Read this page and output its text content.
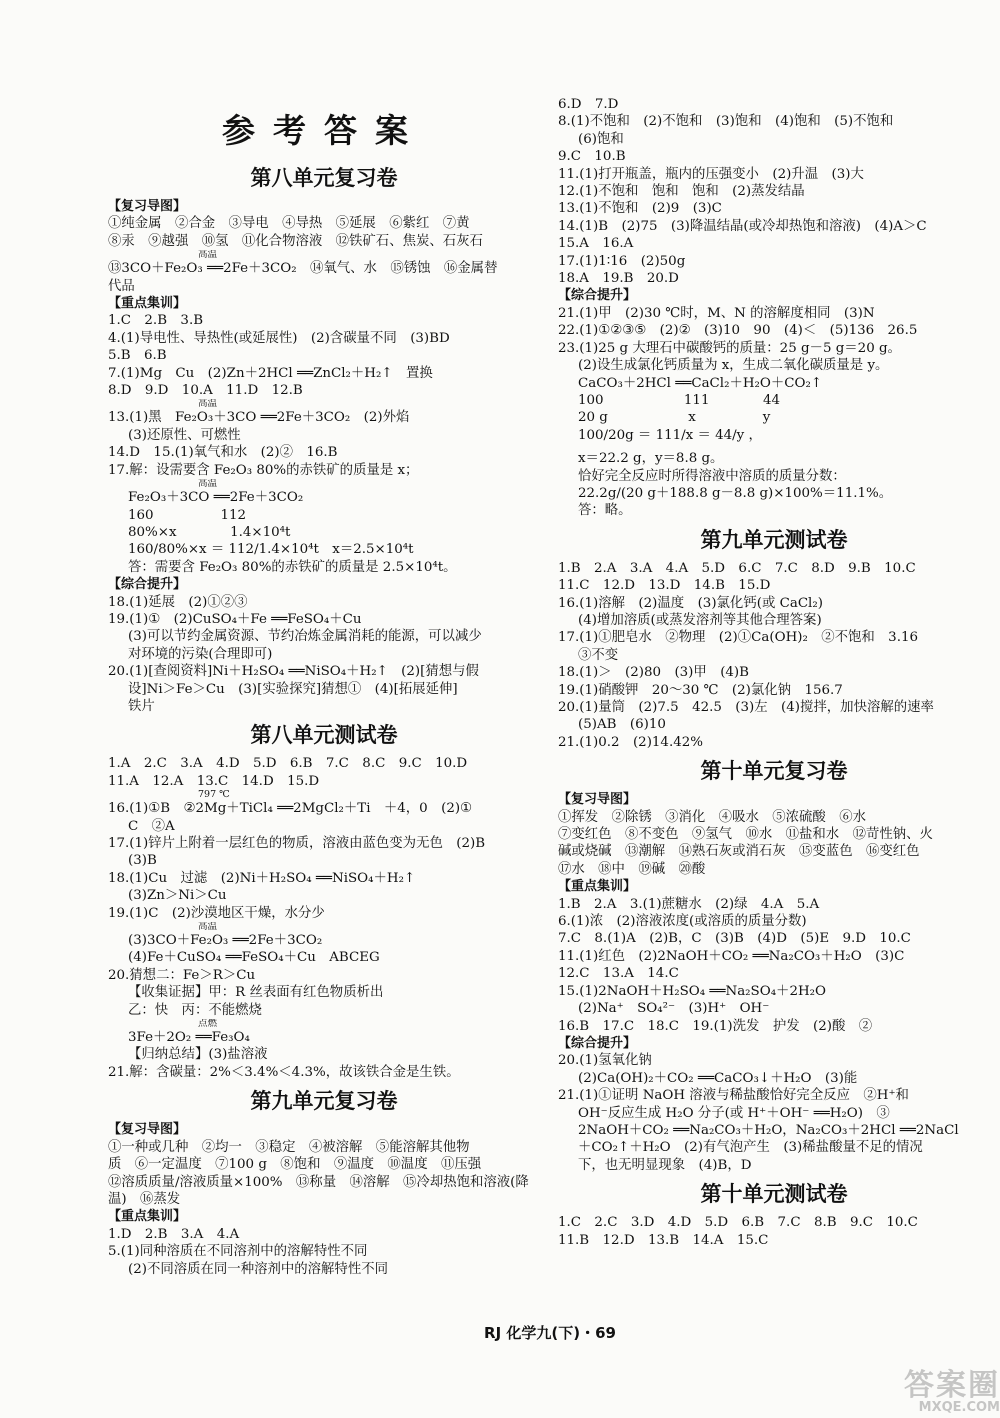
参考答案
第八单元复习卷
【复习导图】
①纯金属　②合金　③导电　④导热　⑤延展　⑥紫红　⑦黄
⑧汞　⑨越强　⑩氢　⑪化合物溶液　⑫铁矿石、焦炭、石灰石
高温
⑬3CO＋Fe₂O₃ ══2Fe＋3CO₂　⑭氧气、水　⑮锈蚀　⑯金属替
代品
【重点集训】
1.C　2.B　3.B
4.(1)导电性、导热性(或延展性)　(2)含碳量不同　(3)BD
5.B　6.B
7.(1)Mg　Cu　(2)Zn＋2HCl ══ZnCl₂＋H₂↑　置换
8.D　9.D　10.A　11.D　12.B
高温
13.(1)黑　Fe₂O₃＋3CO ══2Fe＋3CO₂　(2)外焰
(3)还原性、可燃性
14.D　15.(1)氧气和水　(2)②　16.B
17.解：设需要含 Fe₂O₃ 80%的赤铁矿的质量是 x；
高温
Fe₂O₃＋3CO ══2Fe＋3CO₂
160　　　　　112
80%×x　　　　1.4×10⁴t
160/80%×x ＝ 112/1.4×10⁴t　x＝2.5×10⁴t
答：需要含 Fe₂O₃ 80%的赤铁矿的质量是 2.5×10⁴t。
【综合提升】
18.(1)延展　(2)①②③
19.(1)①　(2)CuSO₄＋Fe ══FeSO₄＋Cu
(3)可以节约金属资源、节约冶炼金属消耗的能源，可以减少
对环境的污染(合理即可)
20.(1)[查阅资料]Ni＋H₂SO₄ ══NiSO₄＋H₂↑　(2)[猜想与假
设]Ni＞Fe＞Cu　(3)[实验探究]猜想①　(4)[拓展延伸]
铁片
第八单元测试卷
1.A　2.C　3.A　4.D　5.D　6.B　7.C　8.C　9.C　10.D
11.A　12.A　13.C　14.D　15.D
797 ℃
16.(1)①B　②2Mg＋TiCl₄ ══2MgCl₂＋Ti　＋4，0　(2)①
C　②A
17.(1)锌片上附着一层红色的物质，溶液由蓝色变为无色　(2)B
(3)B
18.(1)Cu　过滤　(2)Ni＋H₂SO₄ ══NiSO₄＋H₂↑
(3)Zn＞Ni＞Cu
19.(1)C　(2)沙漠地区干燥，水分少
高温
(3)3CO＋Fe₂O₃ ══2Fe＋3CO₂
(4)Fe＋CuSO₄ ══FeSO₄＋Cu　ABCEG
20.猜想二：Fe＞R＞Cu
【收集证据】甲：R 丝表面有红色物质析出
乙：快　丙：不能燃烧
点燃
3Fe＋2O₂ ══Fe₃O₄
【归纳总结】(3)盐溶液
21.解：含碳量：2%＜3.4%＜4.3%，故该铁合金是生铁。
第九单元复习卷
【复习导图】
①一种或几种　②均一　③稳定　④被溶解　⑤能溶解其他物
质　⑥一定温度　⑦100 g　⑧饱和　⑨温度　⑩温度　⑪压强
⑫溶质质量/溶液质量×100%　⑬称量　⑭溶解　⑮冷却热饱和溶液(降
温)　⑯蒸发
【重点集训】
1.D　2.B　3.A　4.A
5.(1)同种溶质在不同溶剂中的溶解特性不同
(2)不同溶质在同一种溶剂中的溶解特性不同
6.D　7.D
8.(1)不饱和　(2)不饱和　(3)饱和　(4)饱和　(5)不饱和
(6)饱和
9.C　10.B
11.(1)打开瓶盖，瓶内的压强变小　(2)升温　(3)大
12.(1)不饱和　饱和　饱和　(2)蒸发结晶
13.(1)不饱和　(2)9　(3)C
14.(1)B　(2)75　(3)降温结晶(或冷却热饱和溶液)　(4)A＞C
15.A　16.A
17.(1)1∶16　(2)50g
18.A　19.B　20.D
【综合提升】
21.(1)甲　(2)30 ℃时，M、N 的溶解度相同　(3)N
22.(1)①②③⑤　(2)②　(3)10　90　(4)＜　(5)136　26.5
23.(1)25 g 大理石中碳酸钙的质量：25 g－5 g＝20 g。
(2)设生成氯化钙质量为 x，生成二氧化碳质量是 y。
CaCO₃＋2HCl ══CaCl₂＋H₂O＋CO₂↑
100　　　　　　111　　　　44
20 g　　　　　　x　　　　　y
100/20g ＝ 111/x ＝ 44/y ，
x＝22.2 g，y＝8.8 g。
恰好完全反应时所得溶液中溶质的质量分数：
22.2g/(20 g＋188.8 g－8.8 g)×100%＝11.1%。
答：略。
第九单元测试卷
1.B　2.A　3.A　4.A　5.D　6.C　7.C　8.D　9.B　10.C
11.C　12.D　13.D　14.B　15.D
16.(1)溶解　(2)温度　(3)氯化钙(或 CaCl₂)
(4)增加溶质(或蒸发溶剂等其他合理答案)
17.(1)①肥皂水　②物理　(2)①Ca(OH)₂　②不饱和　3.16
③不变
18.(1)＞　(2)80　(3)甲　(4)B
19.(1)硝酸钾　20～30 ℃　(2)氯化钠　156.7
20.(1)量筒　(2)7.5　42.5　(3)左　(4)搅拌，加快溶解的速率
(5)AB　(6)10
21.(1)0.2　(2)14.42%
第十单元复习卷
【复习导图】
①挥发　②除锈　③消化　④吸水　⑤浓硫酸　⑥水
⑦变红色　⑧不变色　⑨氢气　⑩水　⑪盐和水　⑫苛性钠、火
碱或烧碱　⑬潮解　⑭熟石灰或消石灰　⑮变蓝色　⑯变红色
⑰水　⑱中　⑲碱　⑳酸
【重点集训】
1.B　2.A　3.(1)蔗糖水　(2)绿　4.A　5.A
6.(1)浓　(2)溶液浓度(或溶质的质量分数)
7.C　8.(1)A　(2)B，C　(3)B　(4)D　(5)E　9.D　10.C
11.(1)红色　(2)2NaOH＋CO₂ ══Na₂CO₃＋H₂O　(3)C
12.C　13.A　14.C
15.(1)2NaOH＋H₂SO₄ ══Na₂SO₄＋2H₂O
(2)Na⁺　SO₄²⁻　(3)H⁺　OH⁻
16.B　17.C　18.C　19.(1)洗发　护发　(2)酸　②
【综合提升】
20.(1)氢氧化钠
(2)Ca(OH)₂＋CO₂ ══CaCO₃↓＋H₂O　(3)能
21.(1)①证明 NaOH 溶液与稀盐酸恰好完全反应　②H⁺和
OH⁻反应生成 H₂O 分子(或 H⁺＋OH⁻ ══H₂O)　③
2NaOH＋CO₂ ══Na₂CO₃＋H₂O，Na₂CO₃＋2HCl ══2NaCl
＋CO₂↑＋H₂O　(2)有气泡产生　(3)稀盐酸量不足的情况
下，也无明显现象　(4)B，D
第十单元测试卷
1.C　2.C　3.D　4.D　5.D　6.B　7.C　8.B　9.C　10.C
11.B　12.D　13.B　14.A　15.C
RJ 化学九(下)・69
答案圈
MXQE.COM
